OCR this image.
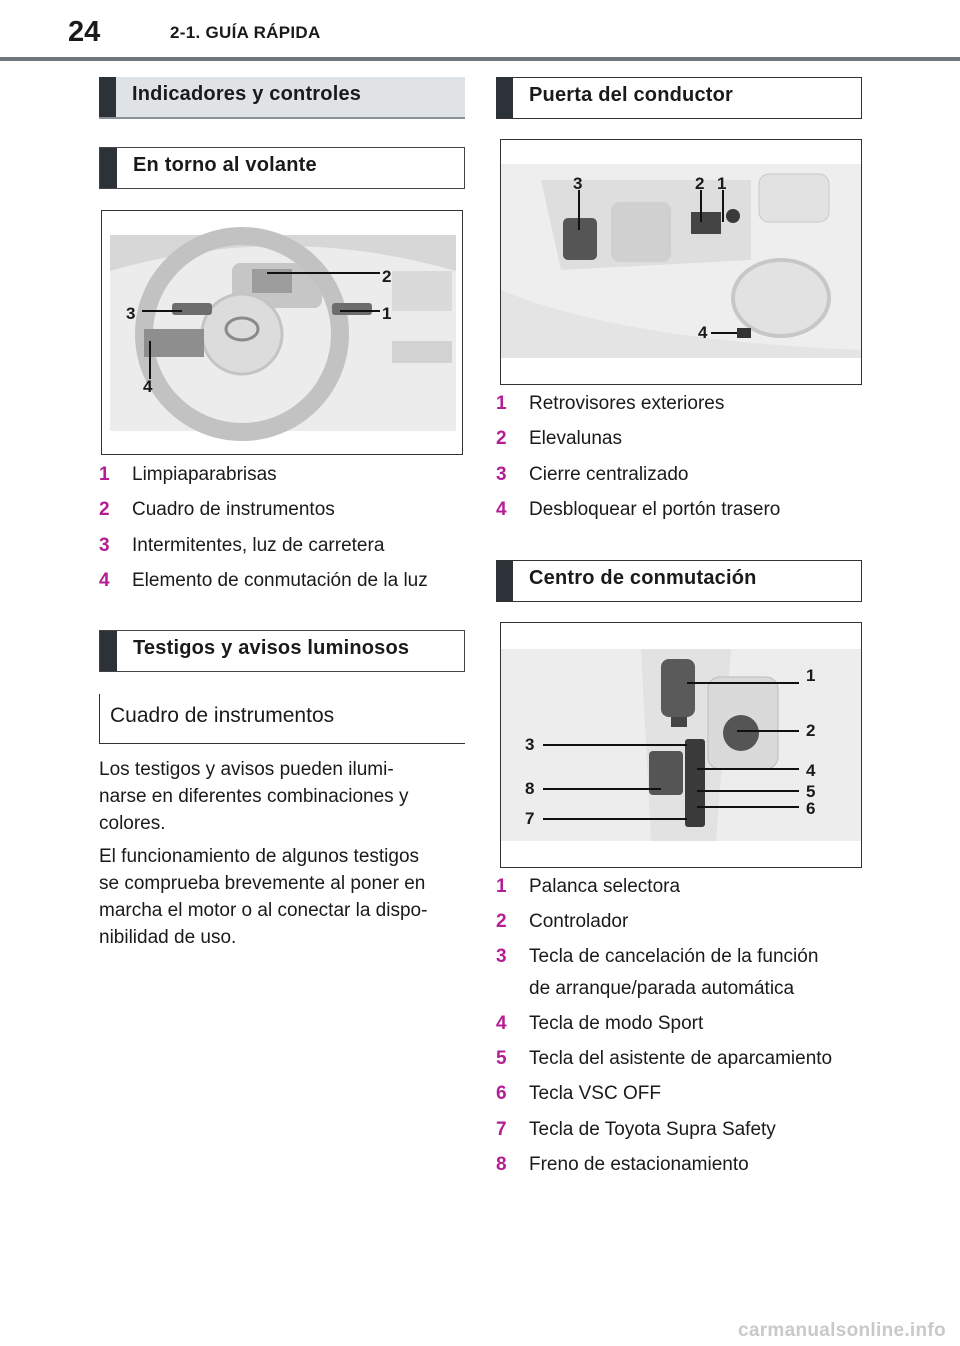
24	2-1. GUÍA RÁPIDA
Indicadores y controles
En torno al volante
2
1
3
4
1	Limpiaparabrisas
2	Cuadro de instrumentos
3	Intermitentes, luz de carretera
4	Elemento de conmutación de la luz
Testigos y avisos luminosos
Cuadro de instrumentos
Los testigos y avisos pueden ilumi-
narse en diferentes combinaciones y
colores.
El funcionamiento de algunos testigos
se comprueba brevemente al poner en
marcha el motor o al conectar la dispo-
nibilidad de uso.
Puerta del conductor
3	2 1
4
1	Retrovisores exteriores
2	Elevalunas
3	Cierre centralizado
4	Desbloquear el portón trasero
Centro de conmutación
1
2
3
4
8	5
6
7
1	Palanca selectora
2	Controlador
3	Tecla de cancelación de la función
de arranque/parada automática
4	Tecla de modo Sport
5	Tecla del asistente de aparcamiento
6	Tecla VSC OFF
7	Tecla de Toyota Supra Safety
8	Freno de estacionamiento
carmanualsonline.info
